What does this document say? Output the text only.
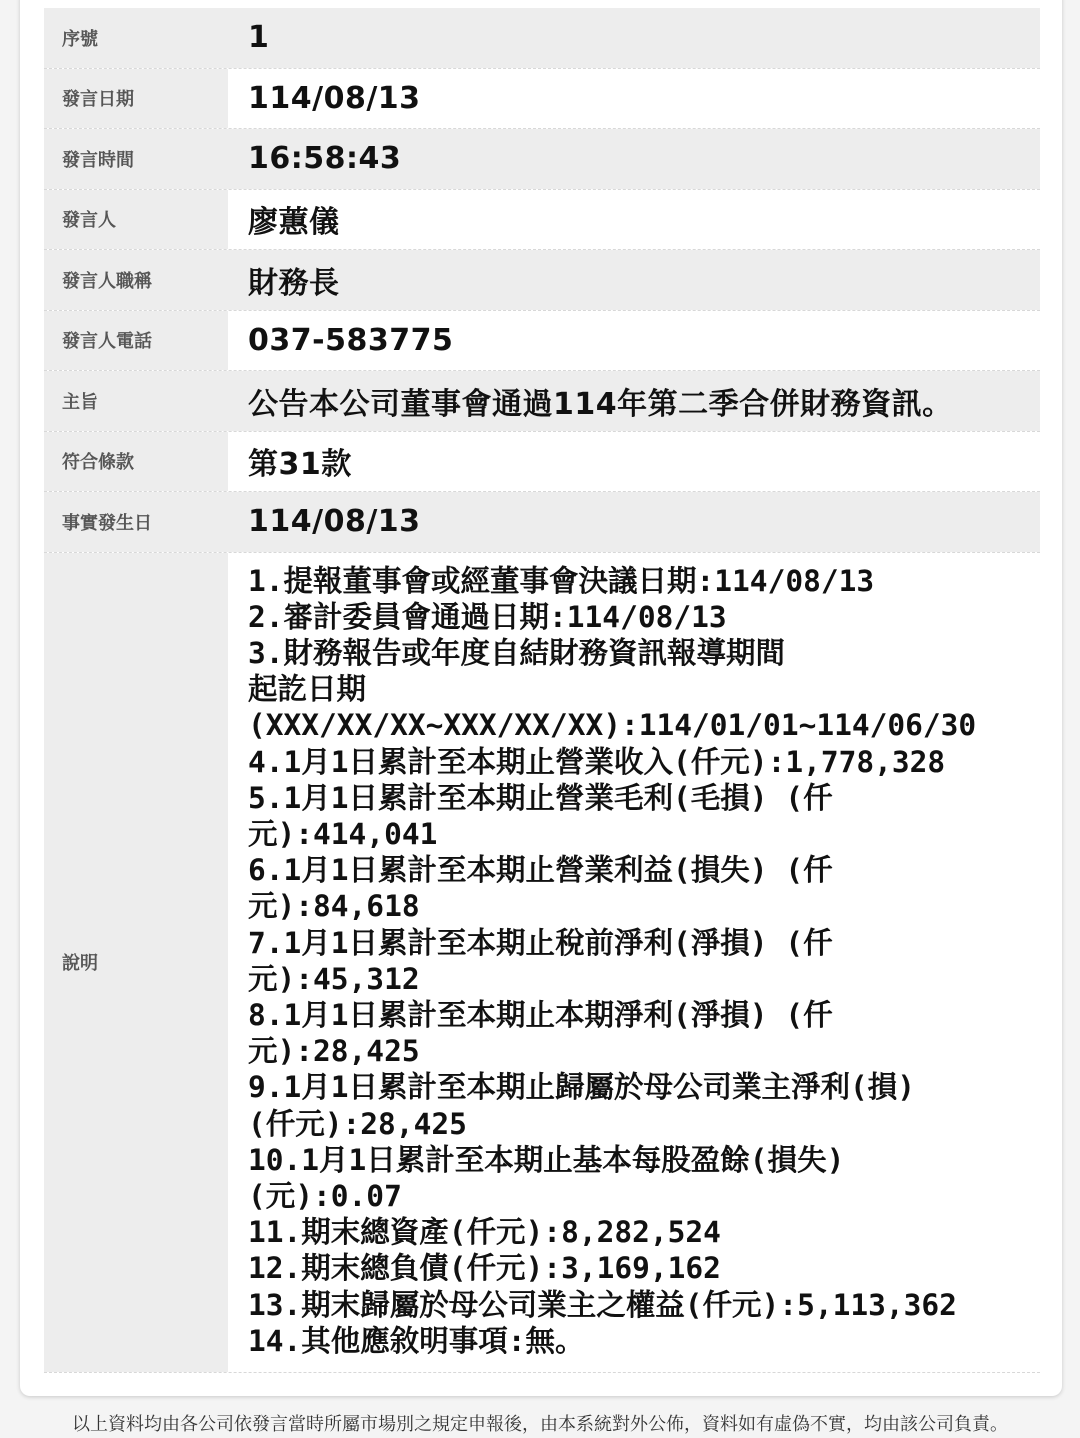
序號	1
發言日期	114/08/13
發言時間	16:58:43
發言人	廖蕙儀
發言人職稱	財務長
發言人電話	037-583775
主旨	公告本公司董事會通過114年第二季合併財務資訊。
符合條款	第31款
事實發生日	114/08/13
說明
1.提報董事會或經董事會決議日期:114/08/13
2.審計委員會通過日期:114/08/13
3.財務報告或年度自結財務資訊報導期間
起訖日期
(XXX/XX/XX~XXX/XX/XX):114/01/01~114/06/30
4.1月1日累計至本期止營業收入(仟元):1,778,328
5.1月1日累計至本期止營業毛利(毛損) (仟
元):414,041
6.1月1日累計至本期止營業利益(損失) (仟
元):84,618
7.1月1日累計至本期止稅前淨利(淨損) (仟
元):45,312
8.1月1日累計至本期止本期淨利(淨損) (仟
元):28,425
9.1月1日累計至本期止歸屬於母公司業主淨利(損)
(仟元):28,425
10.1月1日累計至本期止基本每股盈餘(損失)
(元):0.07
11.期末總資產(仟元):8,282,524
12.期末總負債(仟元):3,169,162
13.期末歸屬於母公司業主之權益(仟元):5,113,362
14.其他應敘明事項:無。
以上資料均由各公司依發言當時所屬市場別之規定申報後，由本系統對外公佈，資料如有虛偽不實，均由該公司負責。
